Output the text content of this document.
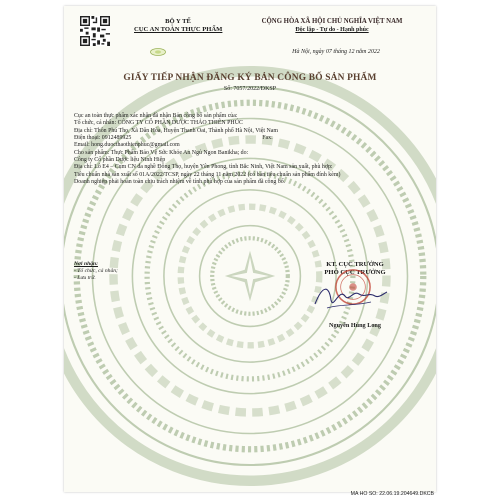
BỘ Y TẾ
CỤC AN TOÀN THỰC PHẨM
CỘNG HÒA XÃ HỘI CHỦ NGHĨA VIỆT NAM
Độc lập - Tự do - Hạnh phúc
Hà Nội, ngày 07 tháng 12 năm 2022
GIẤY TIẾP NHẬN ĐĂNG KÝ BẢN CÔNG BỐ SẢN PHẨM
Số: 7057/2022/ĐKSP
Cục an toàn thực phẩm xác nhận đã nhận Bản công bố sản phẩm của:
Tổ chức, cá nhân: CÔNG TY CỔ PHẦN DƯỢC THẢO THIÊN PHÚC
Địa chỉ: Thôn Phú Thọ, Xã Dân Hòa, Huyện Thanh Oai, Thành phố Hà Nội, Việt Nam
Điện thoại: 0912489925	Fax:
Email: hong.duocthaothienphuc@gmail.com
Cho sản phẩm: Thực Phẩm Bảo Vệ Sức Khỏe An Ngủ Ngon Banikha; do:
Công ty Cổ phần Dược liệu Ninh Hiệp
Địa chỉ: Lô E4 – Cụm CN đa nghề Đông Thọ, huyện Yên Phong, tỉnh Bắc Ninh, Việt Nam sản xuất, phù hợp:
Tiêu chuẩn nhà sản xuất số 01A/2022/TCSP, ngày 22 tháng 11 năm 2022 (có bản tiêu chuẩn sản phẩm đính kèm)
Doanh nghiệp phải hoàn toàn chịu trách nhiệm về tính phù hợp của sản phẩm đã công bố.
Nơi nhận:
- Tổ chức, cá nhân;
- Lưu trữ.
KT. CỤC TRƯỞNG
PHÓ CỤC TRƯỞNG
Nguyễn Hùng Long
MA HO SO: 22.06.19.204649.DKCB
